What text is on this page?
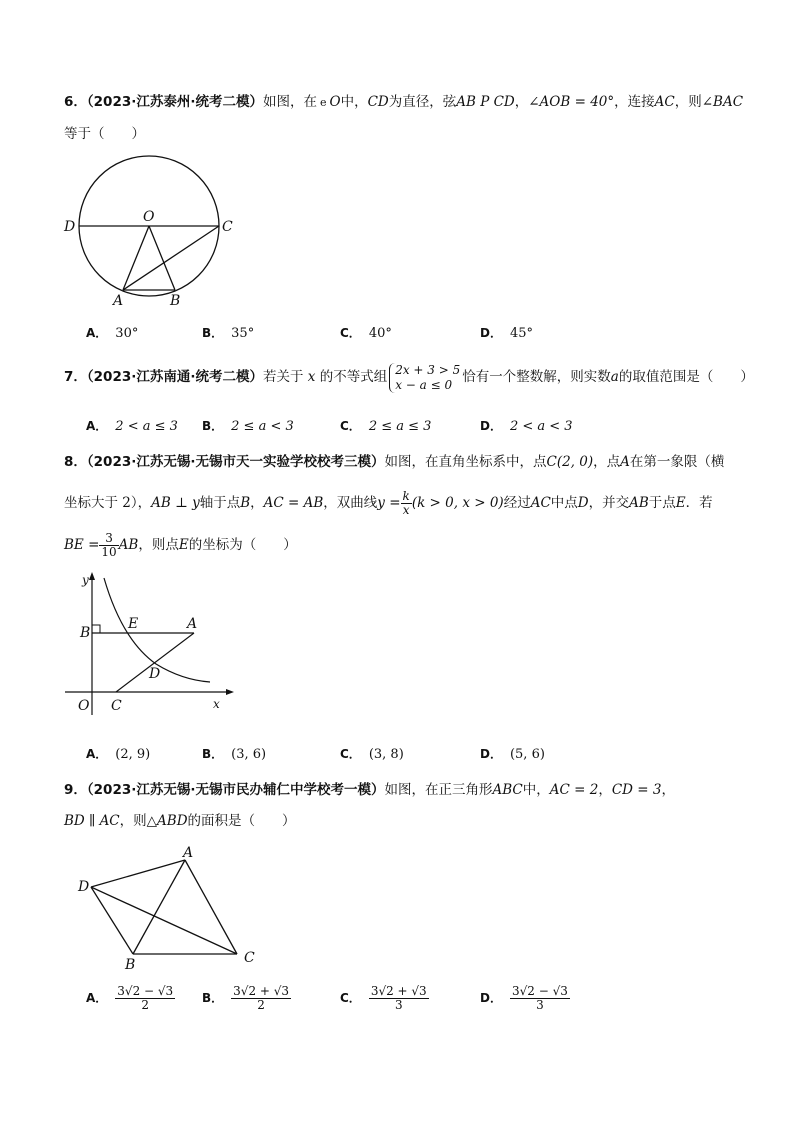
6．（2023·江苏泰州·统考二模）如图，在 e O中，CD为直径，弦AB P CD，∠AOB = 40°，连接AC，则∠BAC
等于（　　）
D
O
C
A	B
A． 30°	B． 35°	C． 40°	D． 45°
7．（2023·江苏南通·统考二模）若关于 x 的不等式组 2x + 3 > 5
x − a ≤ 0 恰有一个整数解，则实数a的取值范围是（　　）
A． 2 < a ≤ 3 B． 2 ≤ a < 3	C． 2 ≤ a ≤ 3	D． 2 < a < 3
8．（2023·江苏无锡·无锡市天一实验学校校考三模）如图，在直角坐标系中，点C(2, 0)，点A在第一象限（横
坐标大于 2），AB ⊥ y轴于点B，AC = AB，双曲线$y = \frac{k}{x} (k > 0$, x > 0)经过AC中点D，并交AB于点E．若
BE = $\frac{3}{10}$ AB，则点E的坐标为（　　）
y
x
B
E	A
D
O C
A． (2, 9)	B． (3, 6)	C． (3, 8)	D． (5, 6)
9．（2023·江苏无锡·无锡市民办辅仁中学校考一模）如图，在正三角形ABC中，AC = 2，CD = 3，
BD ∥ AC，则△ABD的面积是（　　）
A
D
B	C
A． $\frac{3√2 - √3}{2}$ B． $\frac{3√2 + √3}{2}$	C． $\frac{3√2 + √3}{3}$	D． $\frac{3√2 - √3}{3}$
